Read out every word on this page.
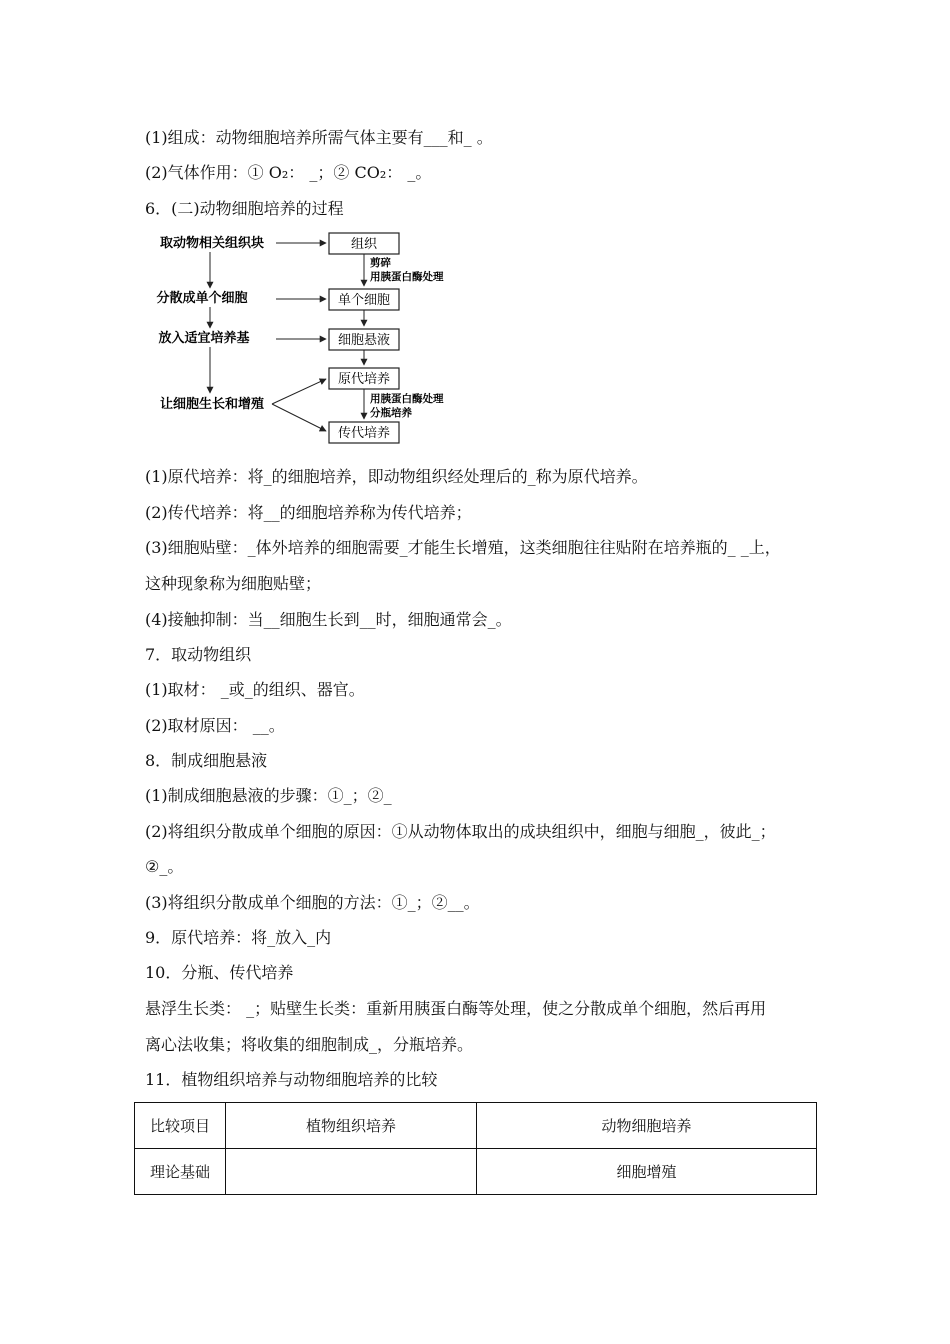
(1)组成：动物细胞培养所需气体主要有___和_ 。
(2)气体作用：① O₂： _；② CO₂： _。
6．(二)动物细胞培养的过程
取动物相关组织块
分散成单个细胞
放入适宜培养基
让细胞生长和增殖
组织
单个细胞
细胞悬液
原代培养
传代培养
剪碎
用胰蛋白酶处理
用胰蛋白酶处理
分瓶培养
(1)原代培养：将_的细胞培养，即动物组织经处理后的_称为原代培养。
(2)传代培养：将__的细胞培养称为传代培养；
(3)细胞贴壁：_体外培养的细胞需要_才能生长增殖，这类细胞往往贴附在培养瓶的_ _上，
这种现象称为细胞贴壁；
(4)接触抑制：当__细胞生长到__时，细胞通常会_。
7．取动物组织
(1)取材： _或_的组织、器官。
(2)取材原因： __。
8．制成细胞悬液
(1)制成细胞悬液的步骤：①_；②_
(2)将组织分散成单个细胞的原因：①从动物体取出的成块组织中，细胞与细胞_，彼此_；
②_。
(3)将组织分散成单个细胞的方法：①_；②__。
9．原代培养：将_放入_内
10．分瓶、传代培养
悬浮生长类： _；贴壁生长类：重新用胰蛋白酶等处理，使之分散成单个细胞，然后再用
离心法收集；将收集的细胞制成_，分瓶培养。
11．植物组织培养与动物细胞培养的比较
比较项目	植物组织培养	动物细胞培养
理论基础		细胞增殖
